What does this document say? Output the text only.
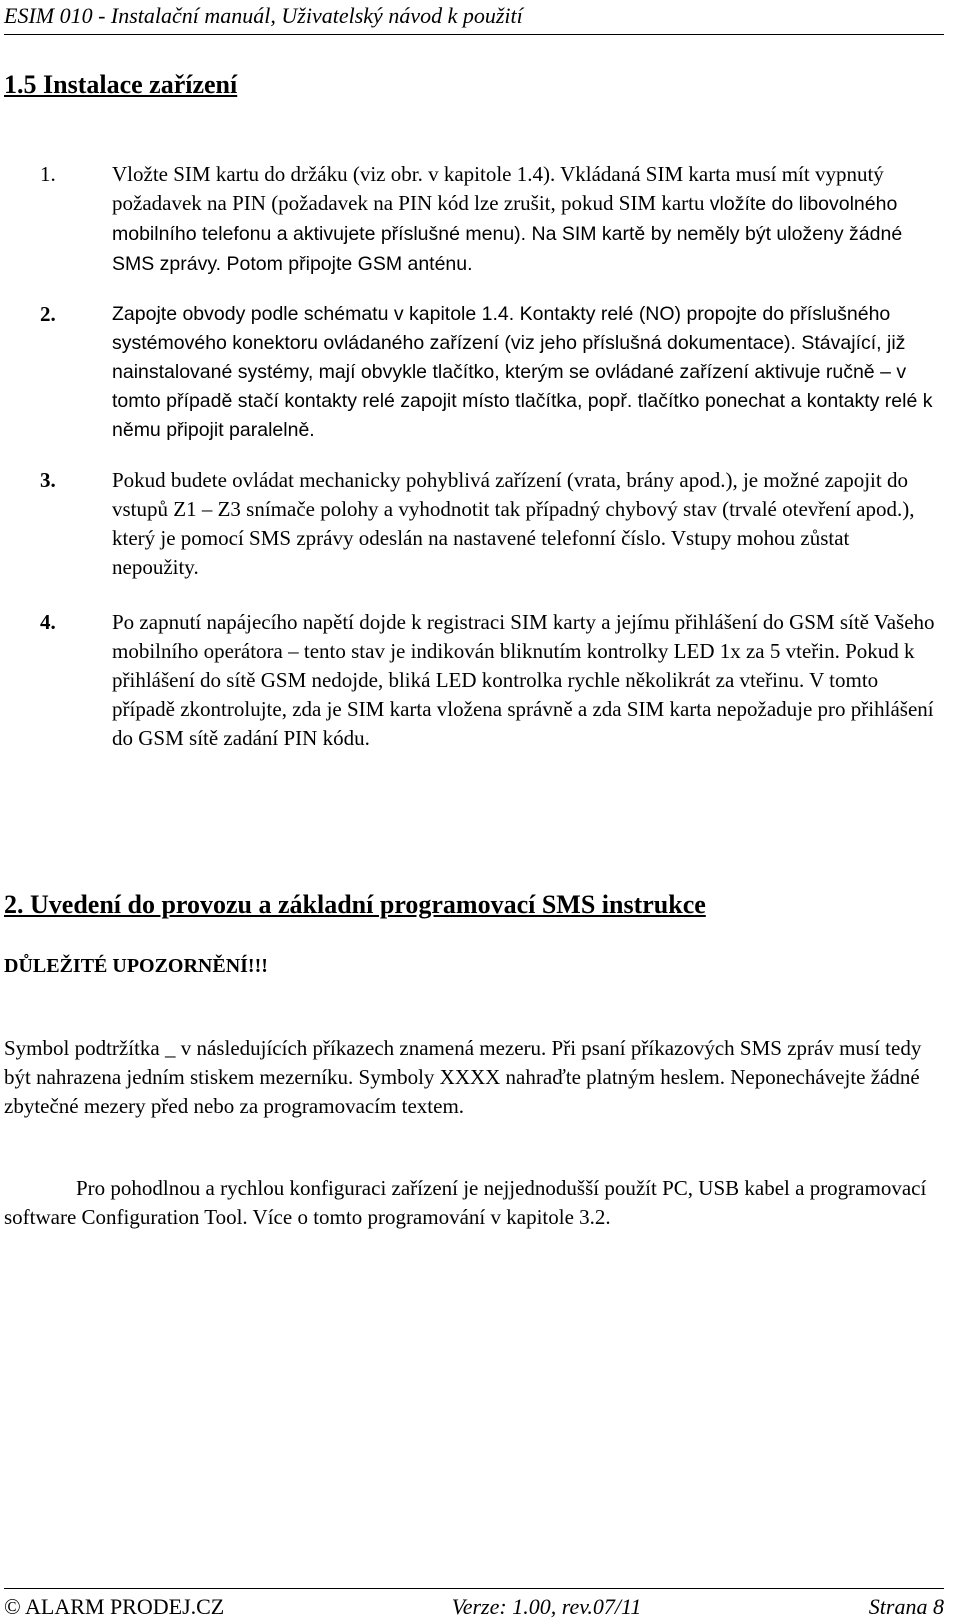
ESIM 010 - Instalační manuál, Uživatelský návod k použití
1.5 Instalace zařízení
1.	Vložte SIM kartu do držáku (viz obr. v kapitole 1.4). Vkládaná SIM karta musí mít vypnutý požadavek na PIN (požadavek na PIN kód lze zrušit, pokud SIM kartu vložíte do libovolného mobilního telefonu a aktivujete příslušné menu). Na SIM kartě by neměly být uloženy žádné SMS zprávy. Potom připojte GSM anténu.
2.	Zapojte obvody podle schématu v kapitole 1.4. Kontakty relé (NO) propojte do příslušného systémového konektoru ovládaného zařízení (viz jeho příslušná dokumentace). Stávající, již nainstalované systémy, mají obvykle tlačítko, kterým se ovládané zařízení aktivuje ručně – v tomto případě stačí kontakty relé zapojit místo tlačítka, popř. tlačítko ponechat a kontakty relé k němu připojit paralelně.
3.	Pokud budete ovládat mechanicky pohyblivá zařízení (vrata, brány apod.), je možné zapojit do vstupů Z1 – Z3 snímače polohy a vyhodnotit tak případný chybový stav (trvalé otevření apod.), který je pomocí SMS zprávy odeslán na nastavené telefonní číslo. Vstupy mohou zůstat nepoužity.
4.	Po zapnutí napájecího napětí dojde k registraci SIM karty a jejímu přihlášení do GSM sítě Vašeho mobilního operátora – tento stav je indikován bliknutím kontrolky LED 1x za 5 vteřin. Pokud k přihlášení do sítě GSM nedojde, bliká LED kontrolka rychle několikrát za vteřinu. V tomto případě zkontrolujte, zda je SIM karta vložena správně a zda SIM karta nepožaduje pro přihlášení do GSM sítě zadání PIN kódu.
2. Uvedení do provozu a základní programovací SMS instrukce
DŮLEŽITÉ UPOZORNĚNÍ!!!
Symbol podtržítka _ v následujících příkazech znamená mezeru. Při psaní příkazových SMS zpráv musí tedy být nahrazena jedním stiskem mezerníku. Symboly XXXX nahraďte platným heslem. Neponechávejte žádné zbytečné mezery před nebo za programovacím textem.
Pro pohodlnou a rychlou konfiguraci zařízení je nejjednodušší použít PC, USB kabel a programovací software Configuration Tool. Více o tomto programování v kapitole 3.2.
© ALARM PRODEJ.CZ	Verze: 1.00, rev.07/11	Strana 8
